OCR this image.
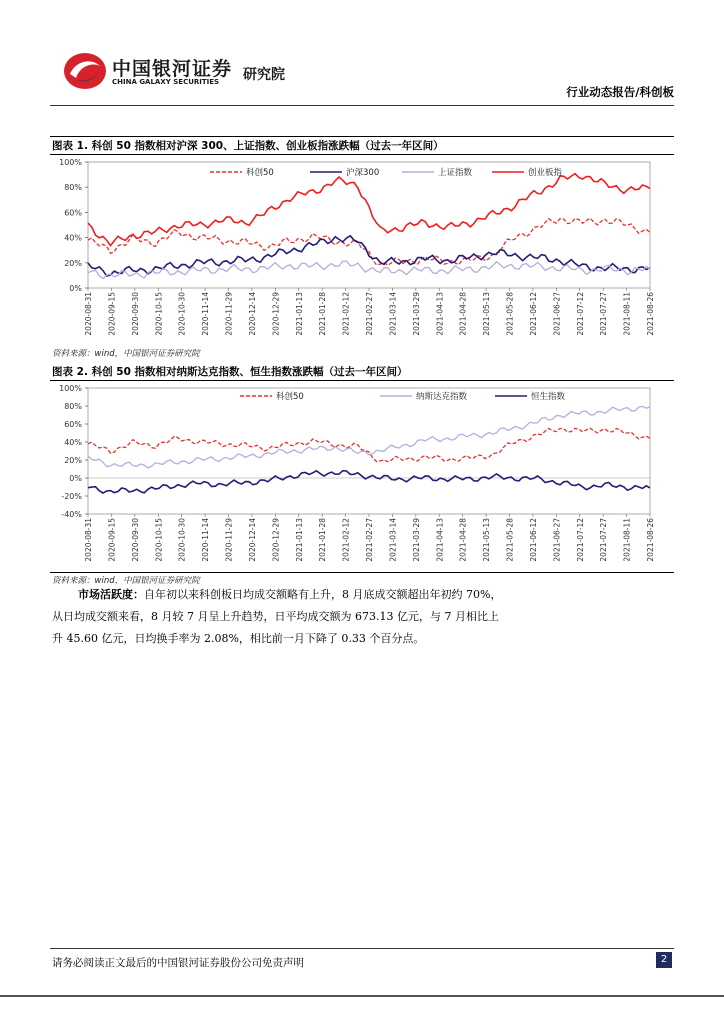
中国银河证券
CHINA GALAXY SECURITIES 研究院
行业动态报告/科创板
图表 1. 科创 50 指数相对沪深 300、上证指数、创业板指涨跌幅（过去一年区间）
100%
80%
60%
40%
20%
0%
2020-08-31 2020-09-15 2020-09-30 2020-10-15 2020-10-30 2020-11-14 2020-11-29 2020-12-14 2020-12-29 2021-01-13 2021-01-28 2021-02-12 2021-02-27 2021-03-14 2021-03-29 2021-04-13 2021-04-28 2021-05-13 2021-05-28 2021-06-12 2021-06-27 2021-07-12 2021-07-27 2021-08-11 2021-08-26
科创50	沪深300	上证指数	创业板指
资料来源：wind，中国银河证券研究院
图表 2. 科创 50 指数相对纳斯达克指数、恒生指数涨跌幅（过去一年区间）
100%
80%
60%
40%
20%
0%
-20%
-40%
2020-08-31 2020-09-15 2020-09-30 2020-10-15 2020-10-30 2020-11-14 2020-11-29 2020-12-14 2020-12-29 2021-01-13 2021-01-28 2021-02-12 2021-02-27 2021-03-14 2021-03-29 2021-04-13 2021-04-28 2021-05-13 2021-05-28 2021-06-12 2021-06-27 2021-07-12 2021-07-27 2021-08-11 2021-08-26
科创50	纳斯达克指数	恒生指数
资料来源：wind，中国银河证券研究院
市场活跃度：自年初以来科创板日均成交额略有上升，8 月底成交额超出年初约 70%，
从日均成交额来看，8 月较 7 月呈上升趋势，日平均成交额为 673.13 亿元，与 7 月相比上
升 45.60 亿元，日均换手率为 2.08%，相比前一月下降了 0.33 个百分点。
请务必阅读正文最后的中国银河证券股份公司免责声明	2
